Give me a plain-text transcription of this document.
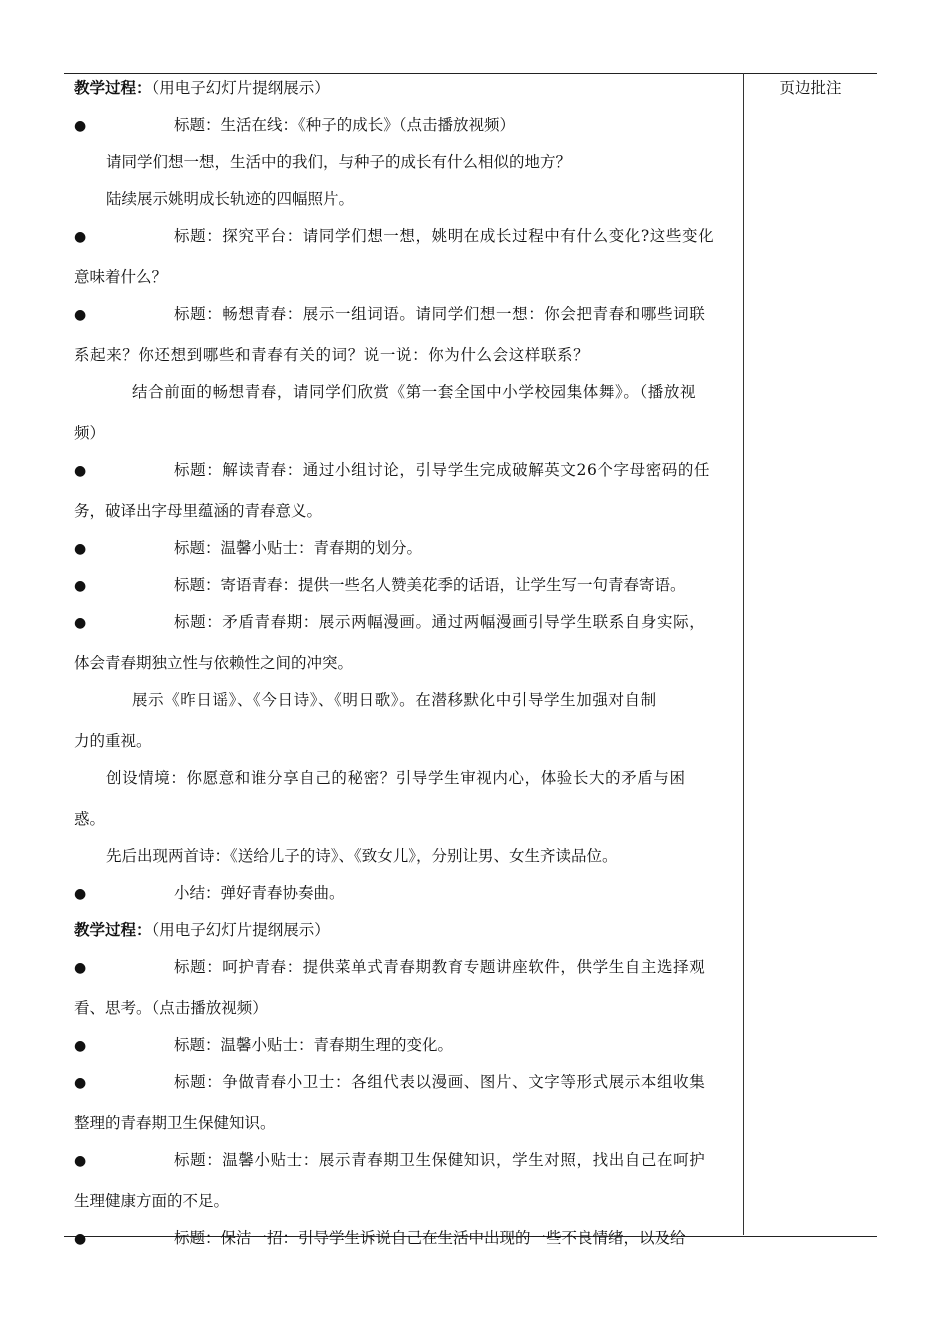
页边批注
教学过程：（用电子幻灯片提纲展示）
●	标题：生活在线：《种子的成长》（点击播放视频）
请同学们想一想，生活中的我们，与种子的成长有什么相似的地方？
陆续展示姚明成长轨迹的四幅照片。
●	标题：探究平台：请同学们想一想，姚明在成长过程中有什么变化?这些变化
意味着什么？
●	标题：畅想青春：展示一组词语。请同学们想一想：你会把青春和哪些词联
系起来？你还想到哪些和青春有关的词？说一说：你为什么会这样联系？
结合前面的畅想青春，请同学们欣赏《第一套全国中小学校园集体舞》。（播放视
频）
●	标题：解读青春：通过小组讨论，引导学生完成破解英文26个字母密码的任
务，破译出字母里蕴涵的青春意义。
●	标题：温馨小贴士：青春期的划分。
●	标题：寄语青春：提供一些名人赞美花季的话语，让学生写一句青春寄语。
●	标题：矛盾青春期：展示两幅漫画。通过两幅漫画引导学生联系自身实际，
体会青春期独立性与依赖性之间的冲突。
展示《昨日谣》、《今日诗》、《明日歌》。在潜移默化中引导学生加强对自制
力的重视。
创设情境：你愿意和谁分享自己的秘密？引导学生审视内心，体验长大的矛盾与困
惑。
先后出现两首诗：《送给儿子的诗》、《致女儿》，分别让男、女生齐读品位。
●	小结：弹好青春协奏曲。
教学过程：（用电子幻灯片提纲展示）
●	标题：呵护青春：提供菜单式青春期教育专题讲座软件，供学生自主选择观
看、思考。（点击播放视频）
●	标题：温馨小贴士：青春期生理的变化。
●	标题：争做青春小卫士：各组代表以漫画、图片、文字等形式展示本组收集
整理的青春期卫生保健知识。
●	标题：温馨小贴士：展示青春期卫生保健知识，学生对照，找出自己在呵护
生理健康方面的不足。
●	标题：保洁一招：引导学生诉说自己在生活中出现的一些不良情绪，以及给
